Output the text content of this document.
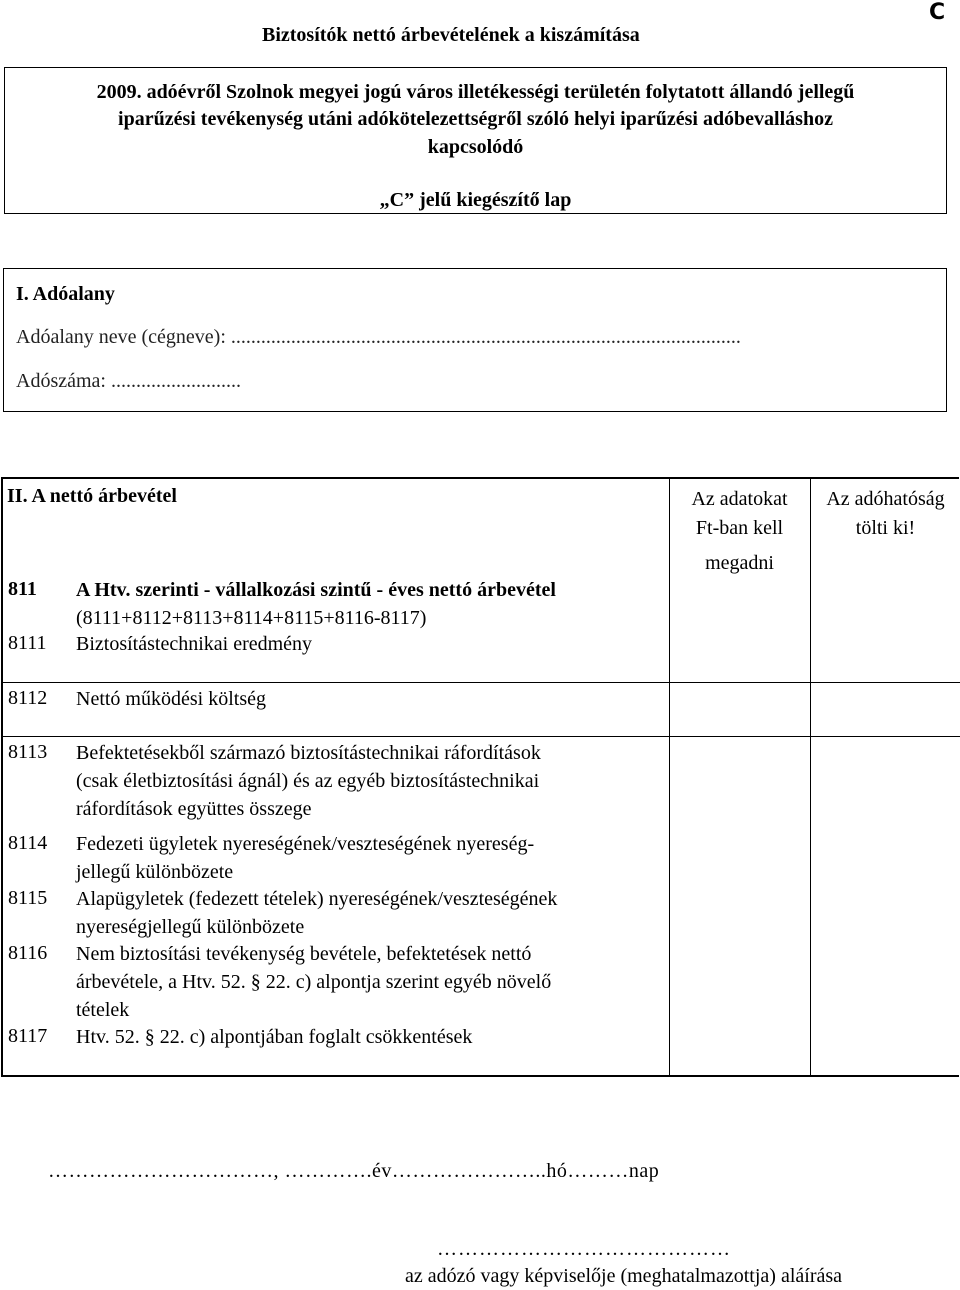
Biztosítók nettó árbevételének a kiszámítása
C
2009. adóévről Szolnok megyei jogú város illetékességi területén folytatott állandó jellegű
iparűzési tevékenység utáni adókötelezettségről szóló helyi iparűzési adóbevalláshoz
kapcsolódó
„C” jelű kiegészítő lap
I. Adóalany
Adóalany neve (cégneve): ......................................................................................................
Adószáma: ..........................
II. A nettó árbevétel	Az adatokat
Ft-ban kell
megadni
Az adóhatóság
tölti ki!
811 A Htv. szerinti - vállalkozási szintű - éves nettó árbevétel
(8111+8112+8113+8114+8115+8116-8117)
8111 Biztosítástechnikai eredmény
8112 Nettó működési költség
8113 Befektetésekből származó biztosítástechnikai ráfordítások
(csak életbiztosítási ágnál) és az egyéb biztosítástechnikai
ráfordítások együttes összege
8114 Fedezeti ügyletek nyereségének/veszteségének nyereség-
jellegű különbözete
8115 Alapügyletek (fedezett tételek) nyereségének/veszteségének
nyereségjellegű különbözete
8116 Nem biztosítási tevékenység bevétele, befektetések nettó
árbevétele, a Htv. 52. § 22. c) alpontja szerint egyéb növelő
tételek
8117 Htv. 52. § 22. c) alpontjában foglalt csökkentések
……………………………, ………….év…………………..hó………nap
……………………………………
az adózó vagy képviselője (meghatalmazottja) aláírása
